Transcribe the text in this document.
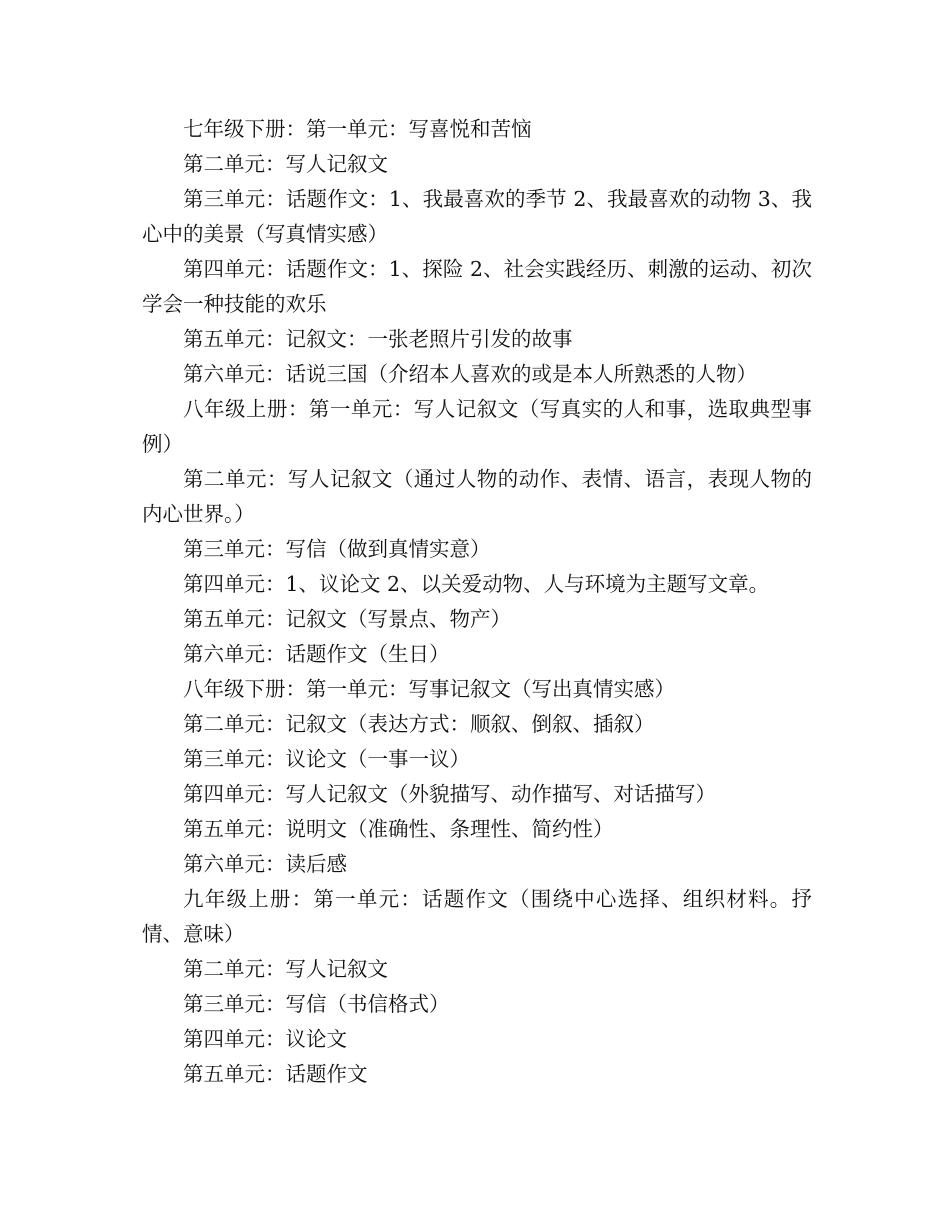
七年级下册：第一单元：写喜悦和苦恼

第二单元：写人记叙文

第三单元：话题作文：1、我最喜欢的季节 2、我最喜欢的动物 3、我心中的美景（写真情实感）

第四单元：话题作文：1、探险 2、社会实践经历、刺激的运动、初次学会一种技能的欢乐

第五单元：记叙文：一张老照片引发的故事

第六单元：话说三国（介绍本人喜欢的或是本人所熟悉的人物）

八年级上册：第一单元：写人记叙文（写真实的人和事，选取典型事例）

第二单元：写人记叙文（通过人物的动作、表情、语言，表现人物的内心世界。）

第三单元：写信（做到真情实意）

第四单元：1、议论文 2、以关爱动物、人与环境为主题写文章。

第五单元：记叙文（写景点、物产）

第六单元：话题作文（生日）

八年级下册：第一单元：写事记叙文（写出真情实感）

第二单元：记叙文（表达方式：顺叙、倒叙、插叙）

第三单元：议论文（一事一议）

第四单元：写人记叙文（外貌描写、动作描写、对话描写）

第五单元：说明文（准确性、条理性、简约性）

第六单元：读后感

九年级上册：第一单元：话题作文（围绕中心选择、组织材料。抒情、意味）

第二单元：写人记叙文

第三单元：写信（书信格式）

第四单元：议论文

第五单元：话题作文
